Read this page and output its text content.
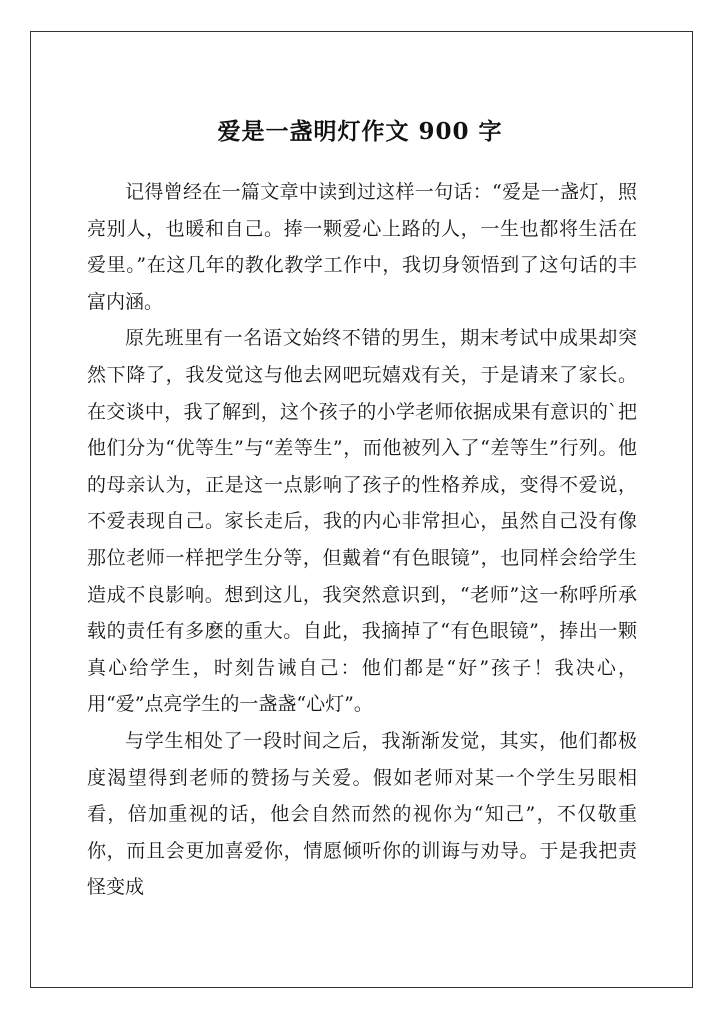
爱是一盏明灯作文 900 字

记得曾经在一篇文章中读到过这样一句话：“爱是一盏灯，照亮别人，也暖和自己。捧一颗爱心上路的人，一生也都将生活在爱里。”在这几年的教化教学工作中，我切身领悟到了这句话的丰富内涵。

原先班里有一名语文始终不错的男生，期末考试中成果却突然下降了，我发觉这与他去网吧玩嬉戏有关，于是请来了家长。在交谈中，我了解到，这个孩子的小学老师依据成果有意识的`把他们分为“优等生”与“差等生”，而他被列入了“差等生”行列。他的母亲认为，正是这一点影响了孩子的性格养成，变得不爱说，不爱表现自己。家长走后，我的内心非常担心，虽然自己没有像那位老师一样把学生分等，但戴着“有色眼镜”，也同样会给学生造成不良影响。想到这儿，我突然意识到，“老师”这一称呼所承载的责任有多麽的重大。自此，我摘掉了“有色眼镜”，捧出一颗真心给学生，时刻告诫自己：他们都是“好”孩子！我决心，用“爱”点亮学生的一盏盏“心灯”。

与学生相处了一段时间之后，我渐渐发觉，其实，他们都极度渴望得到老师的赞扬与关爱。假如老师对某一个学生另眼相看，倍加重视的话，他会自然而然的视你为“知己”，不仅敬重你，而且会更加喜爱你，情愿倾听你的训诲与劝导。于是我把责怪变成
